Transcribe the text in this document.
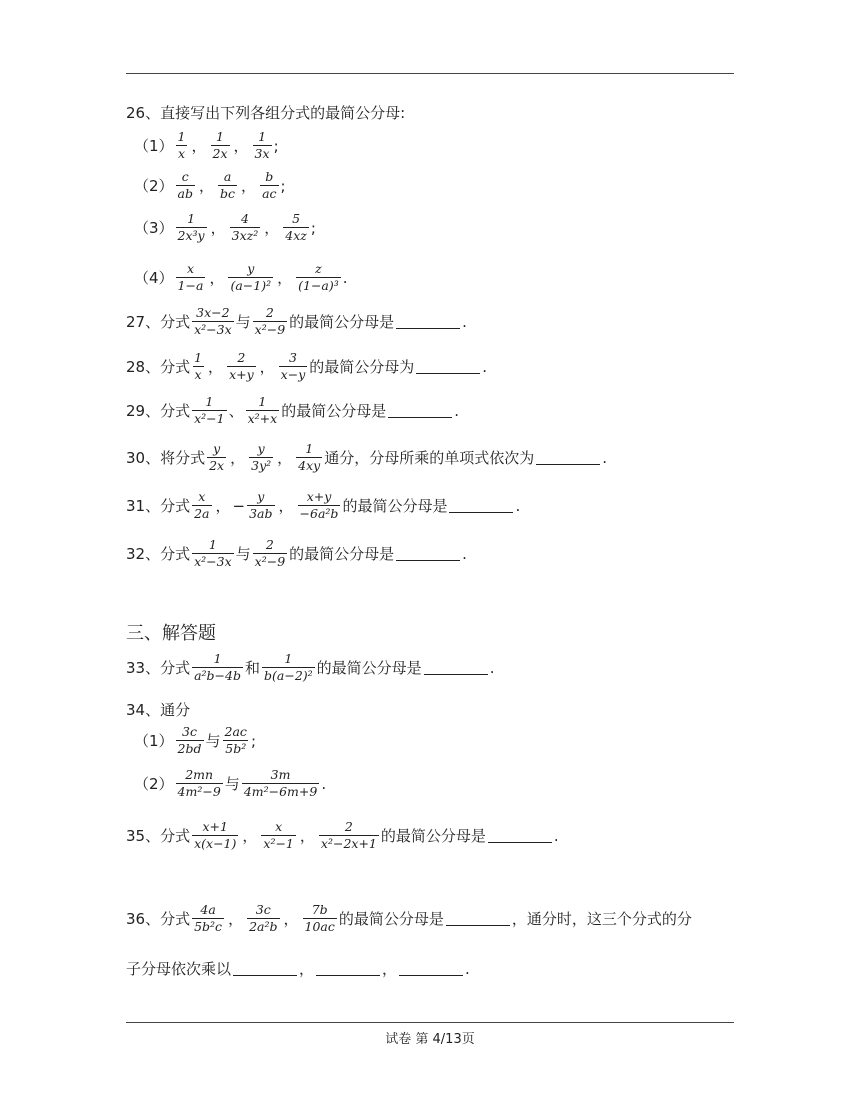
26、直接写出下列各组分式的最简公分母:
$(1) \frac{1}{x}$ ， $\frac{1}{2x}$ ， $\frac{1}{3x}$ ;
$(2) \frac{c}{ab}$ ， $\frac{a}{bc}$ ， $\frac{b}{ac}$ ;
$(3) \frac{1}{\text{2x³y}}$ ， $\frac{4}{\text{3xz²}}$ ， $\frac{5}{4xz}$ ;
$(4) \frac{x}{1-a}$ ， $\frac{y}{\text{(a−1)²}}$ ， $\frac{z}{\text{(1−a)³}}$ .
27、分式 $\frac{3x-2}{\text{x²−3x}}$ 与 $\frac{2}{\text{x²−9}}$ 的最简公分母是	.
28、分式 $\frac{1}{x}$ ， $\frac{2}{x+y}$ ， $\frac{3}{x-y}$ 的最简公分母为	.
29、分式 $\frac{1}{\text{x²−1}}$ 、 $\frac{1}{\text{x²+x}}$ 的最简公分母是	.
30、将分式 $\frac{y}{2x}$ ， $\frac{y}{\text{3y²}}$ ， $\frac{1}{4xy}$ 通分，分母所乘的单项式依次为	.
31、分式 $\frac{x}{2a}$ ， − $\frac{y}{3ab}$ ， $\frac{x+y}{\text{−6a²b}}$ 的最简公分母是	.
32、分式 $\frac{1}{\text{x²−3x}}$ 与 $\frac{2}{\text{x²−9}}$ 的最简公分母是	.
三、解答题
33、分式 $\frac{1}{\text{a²b−4b}}$ 和 $\frac{1}{\text{b(a−2)²}}$ 的最简公分母是	.
34、通分
$(1) \frac{3c}{2bd}$ 与 $\frac{2ac}{\text{5b²}}$ ;
$(2) \frac{2mn}{\text{4m²−9}}$ 与 $\frac{3m}{\text{4m²−6m+9}}$ .
35、分式 $\frac{x+1}{x(x-1)}$ ， $\frac{x}{\text{x²−1}}$ ， $\frac{2}{\text{x²−2x+1}}$ 的最简公分母是	.
36、分式 $\frac{4a}{\text{5b²c}}$ ， $\frac{3c}{\text{2a²b}}$ ， $\frac{7b}{10ac}$ 的最简公分母是	，通分时，这三个分式的分
子分母依次乘以	，	，	.
试卷 第 4/13页
